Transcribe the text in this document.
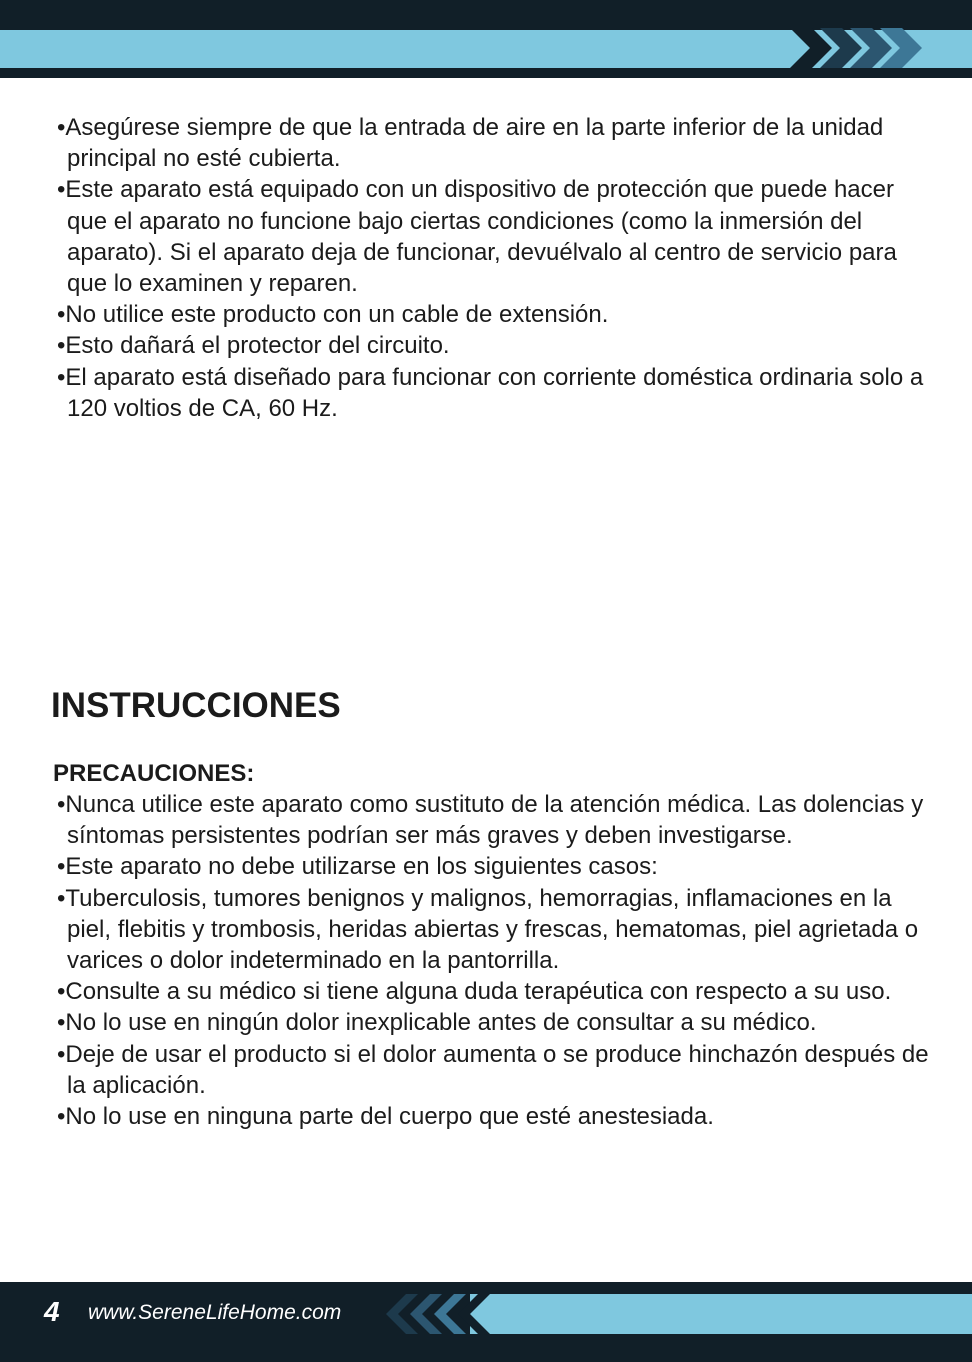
•Asegúrese siempre de que la entrada de aire en la parte inferior de la unidad principal no esté cubierta.

•Este aparato está equipado con un dispositivo de protección que puede hacer que el aparato no funcione bajo ciertas condiciones (como la inmersión del aparato). Si el aparato deja de funcionar, devuélvalo al centro de servicio para que lo examinen y reparen.

•No utilice este producto con un cable de extensión.

•Esto dañará el protector del circuito.

•El aparato está diseñado para funcionar con corriente doméstica ordinaria solo a 120 voltios de CA, 60 Hz.

INSTRUCCIONES
PRECAUCIONES:

•Nunca utilice este aparato como sustituto de la atención médica. Las dolencias y síntomas persistentes podrían ser más graves y deben investigarse.

•Este aparato no debe utilizarse en los siguientes casos:

•Tuberculosis, tumores benignos y malignos, hemorragias, inflamaciones en la piel, flebitis y trombosis, heridas abiertas y frescas, hematomas, piel agrietada o varices o dolor indeterminado en la pantorrilla.

•Consulte a su médico si tiene alguna duda terapéutica con respecto a su uso.

•No lo use en ningún dolor inexplicable antes de consultar a su médico.

•Deje de usar el producto si el dolor aumenta o se produce hinchazón después de la aplicación.

•No lo use en ninguna parte del cuerpo que esté anestesiada.

4 www.SereneLifeHome.com
